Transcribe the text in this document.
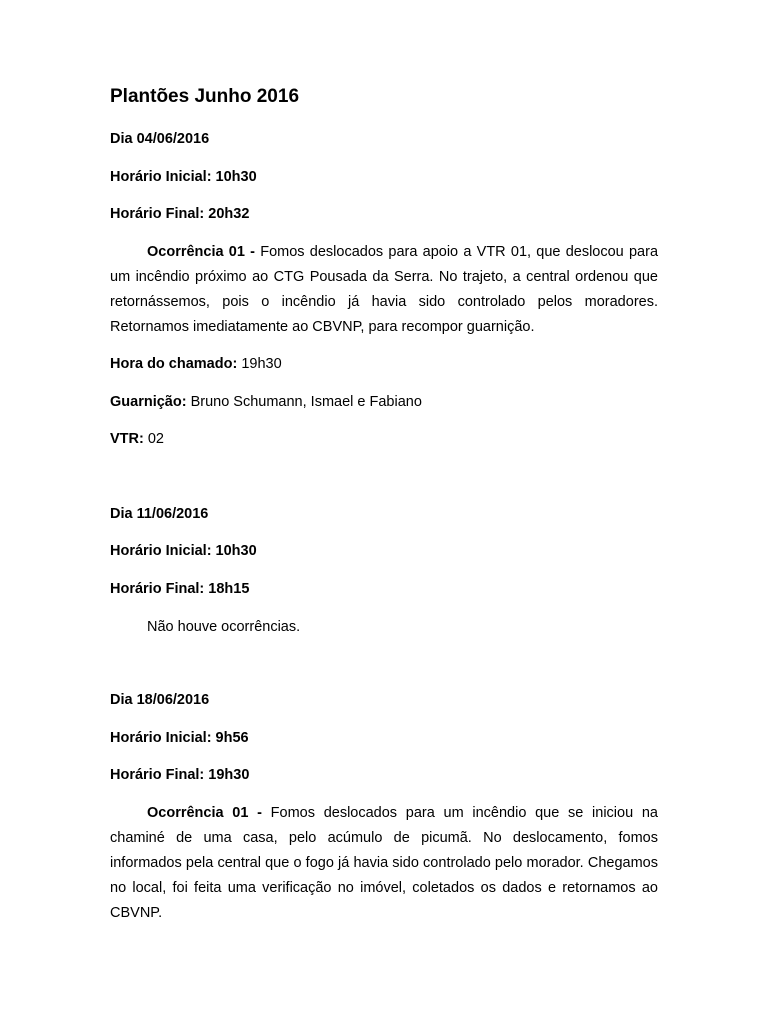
Plantões Junho 2016

Dia 04/06/2016

Horário Inicial: 10h30

Horário Final: 20h32

Ocorrência 01 - Fomos deslocados para apoio a VTR 01, que deslocou para um incêndio próximo ao CTG Pousada da Serra. No trajeto, a central ordenou que retornássemos, pois o incêndio já havia sido controlado pelos moradores. Retornamos imediatamente ao CBVNP, para recompor guarnição.

Hora do chamado: 19h30

Guarnição: Bruno Schumann, Ismael e Fabiano

VTR: 02

Dia 11/06/2016

Horário Inicial: 10h30

Horário Final: 18h15

Não houve ocorrências.

Dia 18/06/2016

Horário Inicial: 9h56

Horário Final: 19h30

Ocorrência 01 - Fomos deslocados para um incêndio que se iniciou na chaminé de uma casa, pelo acúmulo de picumã. No deslocamento, fomos informados pela central que o fogo já havia sido controlado pelo morador. Chegamos no local, foi feita uma verificação no imóvel, coletados os dados e retornamos ao CBVNP.
